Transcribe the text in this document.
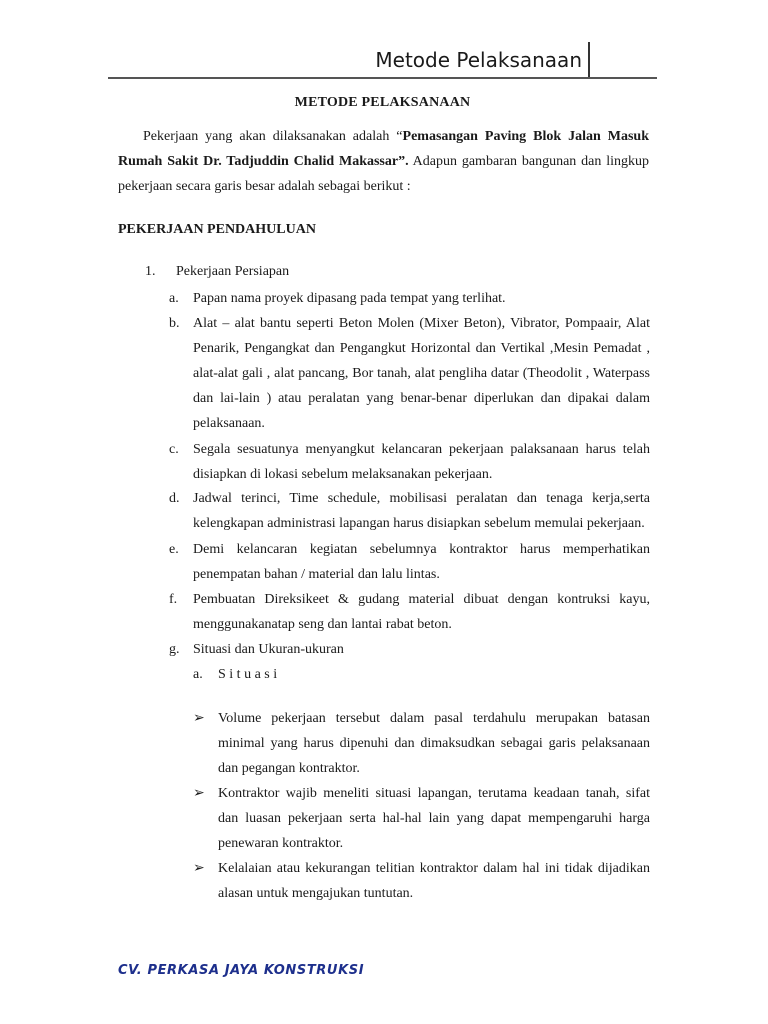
Metode Pelaksanaan
METODE PELAKSANAAN

Pekerjaan yang akan dilaksanakan adalah “Pemasangan Paving Blok Jalan Masuk Rumah Sakit Dr. Tadjuddin Chalid Makassar”. Adapun gambaran bangunan dan lingkup pekerjaan secara garis besar adalah sebagai berikut :

PEKERJAAN PENDAHULUAN
1. Pekerjaan Persiapan
a. Papan nama proyek dipasang pada tempat yang terlihat.
b. Alat – alat bantu seperti Beton Molen (Mixer Beton), Vibrator, Pompaair, Alat Penarik, Pengangkat dan Pengangkut Horizontal dan Vertikal ,Mesin Pemadat , alat-alat gali , alat pancang, Bor tanah, alat pengliha datar (Theodolit , Waterpass dan lai-lain ) atau peralatan yang benar-benar diperlukan dan dipakai dalam pelaksanaan.
c. Segala sesuatunya menyangkut kelancaran pekerjaan palaksanaan harus telah disiapkan di lokasi sebelum melaksanakan pekerjaan.
d. Jadwal terinci, Time schedule, mobilisasi peralatan dan tenaga kerja,serta kelengkapan administrasi lapangan harus disiapkan sebelum memulai pekerjaan.
e. Demi kelancaran kegiatan sebelumnya kontraktor harus memperhatikan penempatan bahan / material dan lalu lintas.
f. Pembuatan Direksikeet & gudang material dibuat dengan kontruksi kayu, menggunakanatap seng dan lantai rabat beton.
g. Situasi dan Ukuran-ukuran
a. S i t u a s i
➢ Volume pekerjaan tersebut dalam pasal terdahulu merupakan batasan minimal yang harus dipenuhi dan dimaksudkan sebagai garis pelaksanaan dan pegangan kontraktor.
➢ Kontraktor wajib meneliti situasi lapangan, terutama keadaan tanah, sifat dan luasan pekerjaan serta hal-hal lain yang dapat mempengaruhi harga penewaran kontraktor.
➢ Kelalaian atau kekurangan telitian kontraktor dalam hal ini tidak dijadikan alasan untuk mengajukan tuntutan.
CV. PERKASA JAYA KONSTRUKSI
